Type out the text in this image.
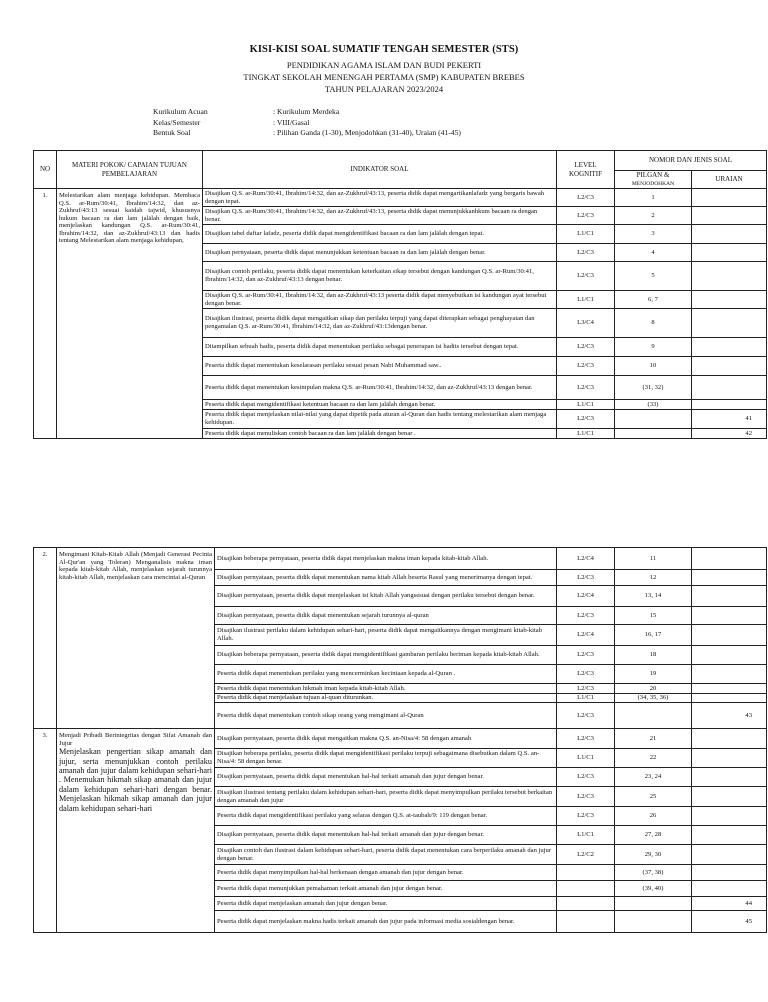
KISI-KISI SOAL SUMATIF TENGAH SEMESTER (STS)
PENDIDIKAN AGAMA ISLAM DAN BUDI PEKERTI
TINGKAT SEKOLAH MENENGAH PERTAMA (SMP) KABUPATEN BREBES
TAHUN PELAJARAN 2023/2024
Kurikulum Acuan	: Kurikulum Merdeka
Kelas/Semester	: VIII/Gasal
Bentuk Soal	: Pilihan Ganda (1-30), Menjodohkan (31-40), Uraian (41-45)
NO	MATERI POKOK/ CAPAIAN TUJUAN PEMBELAJARAN	INDIKATOR SOAL	LEVEL KOGNITIF	NOMOR DAN JENIS SOAL	
				PILGAN &
MENJODOHKAN	URAIAN
1.	Melestarikan alam menjaga kehidupan. Membaca Q.S. ar-Rum/30:41, Ibrahim/14:32, dan az-Zukhruf/43:13 sesuai kaidah tajwid, khususnya hukum bacaan ra dan lam jalālah dengan baik, menjelaskan kandungan Q.S. ar-Rum/30:41, Ibrahim/14:32, dan az-Zukhruf/43:13 dan hadis tentang Melestarikan alam menjaga kehidupan,	Disajikan Q.S. ar-Rum/30:41, Ibrahim/14:32, dan az-Zukhruf/43:13, peserta didik dapat mengartikanlafadz yang bergaris bawah dengan tepat.	L2/C3	1	
		Disajikan Q.S. ar-Rum/30:41, Ibrahim/14:32, dan az-Zukhruf/43:13, peserta didik dapat menunjukkanhkum bacaan ra dengan benar.	L2/C3	2	
		Disajikan tabel daftar lafadz, peserta didik dapat mengidentifikasi bacaan ra dan lam jalālah dengan tepat.	L1/C1	3	
		Disajikan pernyataan, peserta didik dapat menunjukkan ketentuan bacaan ra dan lam jalālah dengan benar.	L2/C3	4	
		Disajikan contoh perilaku, peserta didik dapat menentukan keterkaitan sikap tersebut dengan kandungan Q.S. ar-Rum/30:41, Ibrahim/14:32, dan az-Zukhruf/43:13 dengan benar.	L2/C3	5	
		Disajikan Q.S. ar-Rum/30:41, Ibrahim/14:32, dan az-Zukhruf/43:13 peserta didik dapat menyebutkan isi kandungan ayat tersebut dengan benar.	L1/C1	6, 7	
		Disajikan ilustrasi, peserta didik dapat mengaitkan sikap dan perilaku terpuji yang dapat diterapkan sebagai penghayatan dan pengamalan Q.S. ar-Rum/30:41, Ibrahim/14:32, dan az-Zukhruf/43:13dengan benar.	L3/C4	8	
		Ditampilkan sebuah hadis, peserta didik dapat menentukan perilaku sebagai penerapan isi hadits tersebut dengan tepat.	L2/C3	9	
		Peserta didik dapat menentukan keselarasan perilaku sesuai pesan Nabi Muhammad saw..	L2/C3	10	
		Peserta didik dapat menentukan kesimpulan makna Q.S. ar-Rum/30:41, Ibrahim/14:32, dan az-Zukhruf/43:13 dengan benar.	L2/C3	(31, 32)	
		Peserta didik dapat mengidentifikasi ketentuan bacaan ra dan lam jalālah dengan benar.	L1/C1	(33)	
		Peserta didik dapat menjelaskan nilai-nilai yang dapat dipetik pada aturan al-Quran dan hadis tentang melestarikan alam menjaga kehidupan.	L2/C3		41
		Peserta didik dapat menuliskan contoh bacaan ra dan lam jalālah dengan benar .	L1/C1		42
2.	Mengimani Kitab-Kitab Allah (Menjadi Generasi Pecinta Al-Qur'an yang Toleran) Menganalisis makna iman kepada kitab-kitab Allah, menjelaskan sejarah turunnya kitab-kitab Allah, menjelaskan cara mencintai al-Quran	Disajikan beberapa pernyataan, peserta didik dapat menjelaskan makna iman kepada kitab-kitab Allah.	L2/C4	11	
		Disajikan pernyataan, peserta didik dapat menentukan nama kitab Allah beserta Rasul yang menerimanya dengan tepat.	L2/C3	12	
		Disajikan pernyataan, peserta didik dapat menjelaskan isi kitab Allah yangsesuai dengan perilaku tersebut dengan benar.	L2/C4	13, 14	
		Disajikan pernyataan, peserta didik dapat menentukan sejarah turunnya al-quran	L2/C3	15	
		Disajikan ilustrasi perilaku dalam kehidupan sehari-hari, peserta didik dapat mengaitkannya dengan mengimani kitab-kitab Allah.	L2/C4	16, 17	
		Disajikan beberapa pernyataan, peserta didik dapat mengidentifikasi gambaran perilaku beriman kepada kitab-kitab Allah.	L2/C3	18	
		Peserta didik dapat menentukan perilaku yang mencerminkan kecintaan kepada al-Quran .	L2/C3	19	
		Peserta didik dapat menentukan hikmah iman kepada kitab-kitab Allah.	L2/C3	20	
		Peserta didik dapat menjelaskan tujuan al-quan diturunkan.	L1/C1	(34, 35, 36)	
		Peserta didik dapat menentukan contoh sikap orang yang mengimani al-Quran	L2/C3		43
3.	Menjadi Pribadi Berintegritas dengan Sifat Amanah dan Jujur
Menjelaskan pengertian sikap amanah dan jujur, serta menunjukkan contoh perilaku amanah dan jujur dalam kehidupan sehari-hari . Menemukan hikmah sikap amanah dan jujur dalam kehidupan sehari-hari dengan benar. Menjelaskan hikmah sikap amanah dan jujur dalam kehidupan sehari-hari	Disajikan pernyataan, peserta didik dapat mengaitkan makna Q.S. an-Nisa/4: 58 dengan amanah	L2/C3	21	
		Disajikan beberapa perilaku, peserta didik dapat mengidentifikasi perilaku terpuji sebagaimana disebutkan dalam Q.S. an-Nisa/4: 58 dengan benar.	L1/C1	22	
		Disajikan pernyataan, peserta didik dapat menentukan hal-hal terkait amanah dan jujur dengan benar.	L2/C3	23, 24	
		Disajikan ilustrasi tentang perilaku dalam kehidupan sehari-hari, peserta didik dapat menyimpulkan perilaku tersebut berkaitan dengan amanah dan jujur	L2/C3	25	
		Peserta didik dapat mengidentifikasi perilaku yang selaras dengan Q.S. at-taubah/9: 119 dengan benar.	L2/C3	26	
		Disajikan pernyataan, peserta didik dapat menentukan hal-hal terkait amanah dan jujur dengan benar.	L1/C1	27, 28	
		Disajikan contoh dan ilustrasi dalam kehidupan sehari-hari, peserta didik dapat menentukan cara berperilaku amanah dan jujur dengan benar.	L2/C2	29, 30	
		Peserta didik dapat menyimpulkan hal-hal berkenaan dengan amanah dan jujur dengan benar.		(37, 38)	
		Peserta didik dapat menunjukkan pemahaman terkait amanah dan jujur dengan benar.		(39, 40)	
		Peserta didik dapat menjelaskan amanah dan jujur dengan benar.			44
		Peserta didik dapat menjelaskan makna hadis terkait amanah dan jujur pada informasi media sosialdengan benar.			45
